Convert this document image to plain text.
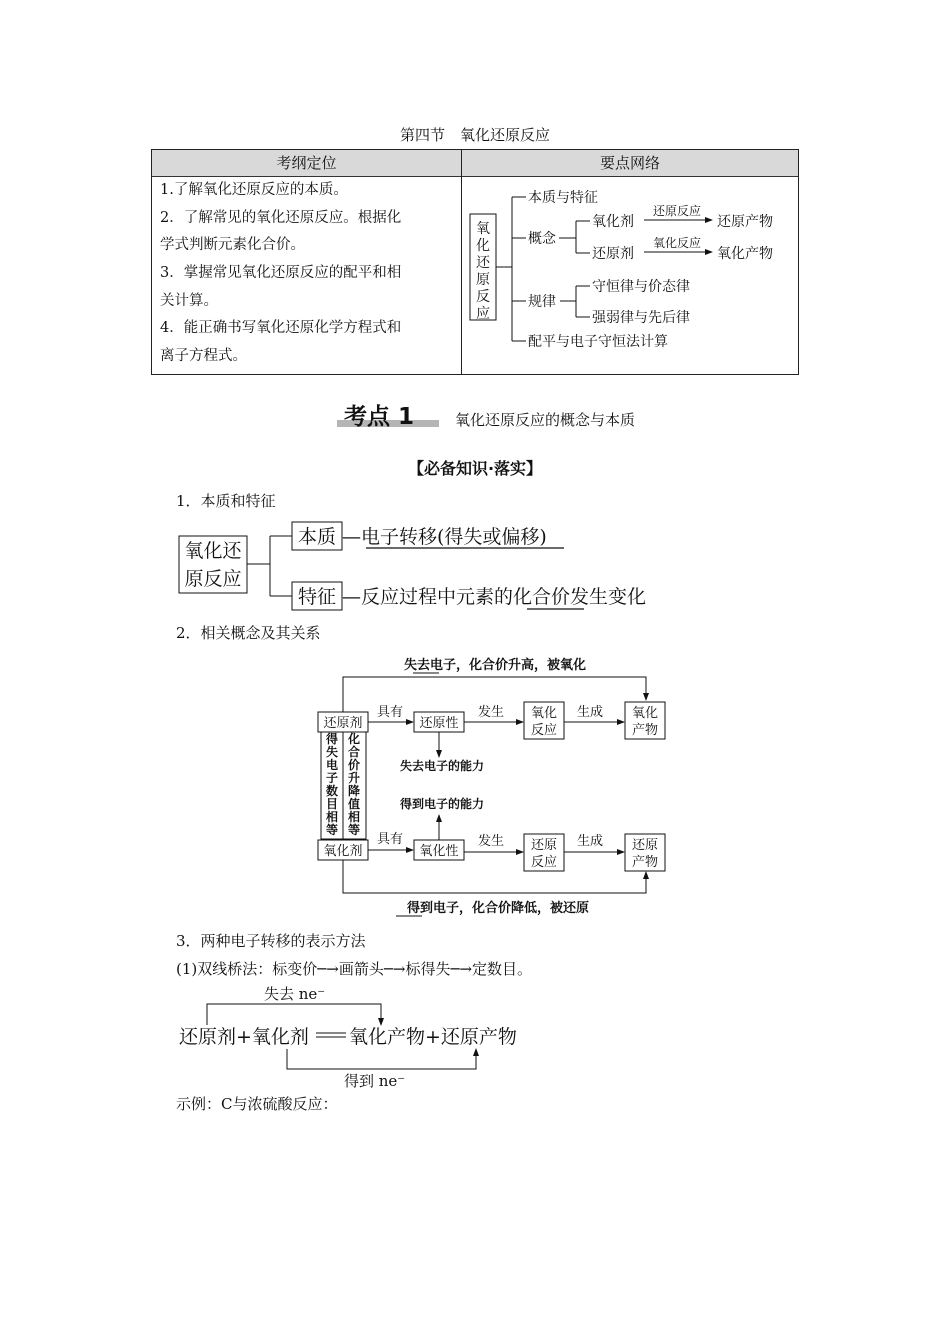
第四节　氧化还原反应
考纲定位	要点网络
1.了解氧化还原反应的本质。
2．了解常见的氧化还原反应。根据化
学式判断元素化合价。
3．掌握常见氧化还原反应的配平和相
关计算。
4．能正确书写氧化还原化学方程式和
离子方程式。
氧
化
还
原
反
应
本质与特征
概念
氧化剂
还原剂
还原反应
还原产物
氧化反应
氧化产物
规律
守恒律与价态律
强弱律与先后律
配平与电子守恒法计算
考点 1	氧化还原反应的概念与本质
【必备知识·落实】
1．本质和特征
氧化还
原反应
本质 —电子转移(得失或偏移)
特征 —反应过程中元素的化合价发生变化
2．相关概念及其关系
失去电子，化合价升高，被氧化
还原剂
具有
还原性
发生 氧化
反应
生成 氧化
产物
失去电子的能力
得到电子的能力
得
失
电
子
数
目
相
等
化
合
价
升
降
值
相
等
氧化剂
具有
氧化性
发生 还原
反应
生成 还原
产物
得到电子，化合价降低，被还原
3．两种电子转移的表示方法
(1)双线桥法：标变价─→画箭头─→标得失─→定数目。
失去 ne⁻
还原剂+氧化剂 氧化产物+还原产物
得到 ne⁻
示例：C与浓硫酸反应：
